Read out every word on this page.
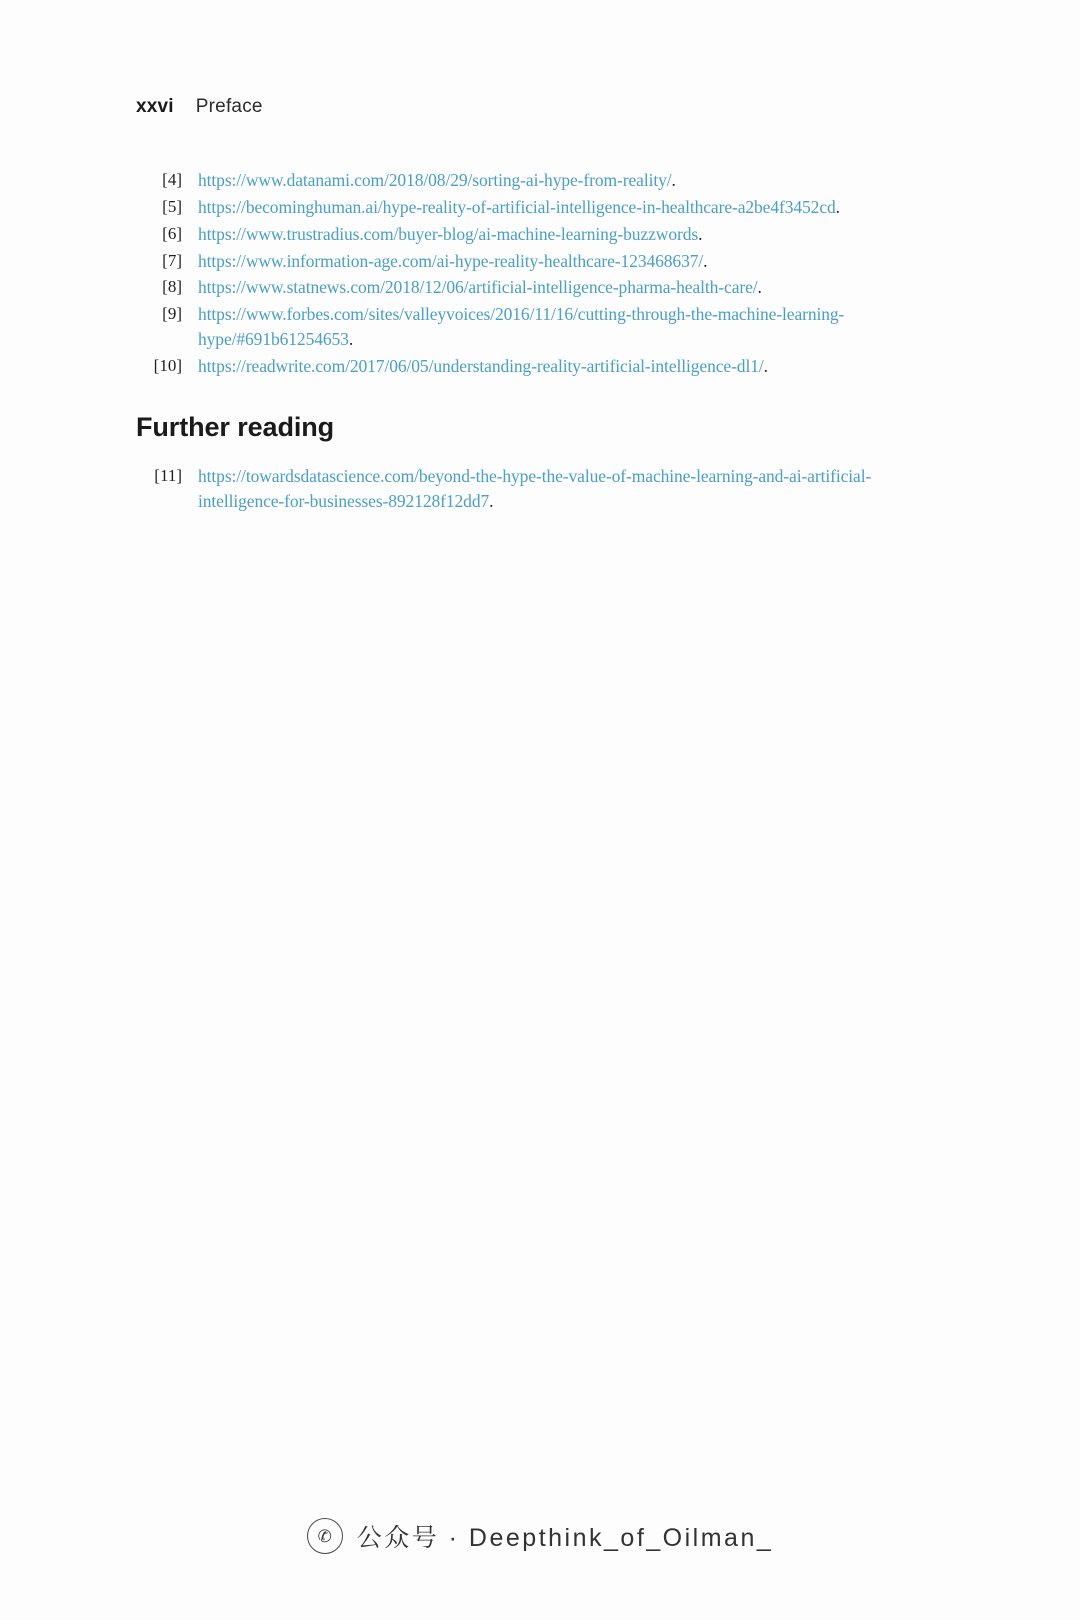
xxvi Preface
[4] https://www.datanami.com/2018/08/29/sorting-ai-hype-from-reality/.
[5] https://becominghuman.ai/hype-reality-of-artificial-intelligence-in-healthcare-a2be4f3452cd.
[6] https://www.trustradius.com/buyer-blog/ai-machine-learning-buzzwords.
[7] https://www.information-age.com/ai-hype-reality-healthcare-123468637/.
[8] https://www.statnews.com/2018/12/06/artificial-intelligence-pharma-health-care/.
[9] https://www.forbes.com/sites/valleyvoices/2016/11/16/cutting-through-the-machine-learning-hype/#691b61254653.
[10] https://readwrite.com/2017/06/05/understanding-reality-artificial-intelligence-dl1/.
Further reading
[11] https://towardsdatascience.com/beyond-the-hype-the-value-of-machine-learning-and-ai-artificial-intelligence-for-businesses-892128f12dd7.
✆ 公众号 · Deepthink_of_Oilman_
